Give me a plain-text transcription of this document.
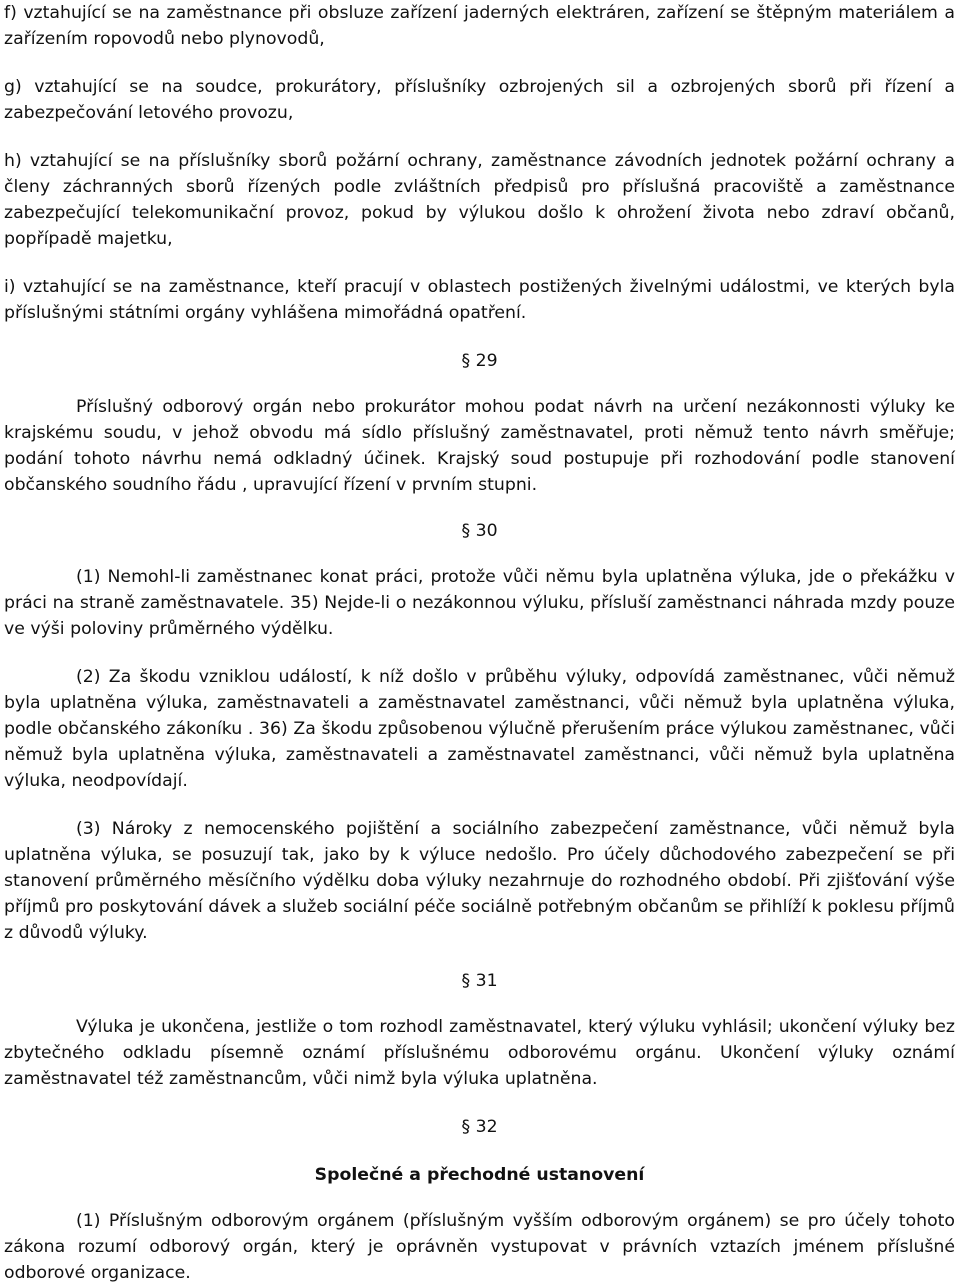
f) vztahující se na zaměstnance při obsluze zařízení jaderných elektráren, zařízení se štěpným materiálem a zařízením ropovodů nebo plynovodů,

g) vztahující se na soudce, prokurátory, příslušníky ozbrojených sil a ozbrojených sborů při řízení a zabezpečování letového provozu,

h) vztahující se na příslušníky sborů požární ochrany, zaměstnance závodních jednotek požární ochrany a členy záchranných sborů řízených podle zvláštních předpisů pro příslušná pracoviště a zaměstnance zabezpečující telekomunikační provoz, pokud by výlukou došlo k ohrožení života nebo zdraví občanů, popřípadě majetku,

i) vztahující se na zaměstnance, kteří pracují v oblastech postižených živelnými událostmi, ve kterých byla příslušnými státními orgány vyhlášena mimořádná opatření.

§ 29

Příslušný odborový orgán nebo prokurátor mohou podat návrh na určení nezákonnosti výluky ke krajskému soudu, v jehož obvodu má sídlo příslušný zaměstnavatel, proti němuž tento návrh směřuje; podání tohoto návrhu nemá odkladný účinek. Krajský soud postupuje při rozhodování podle stanovení občanského soudního řádu , upravující řízení v prvním stupni.

§ 30

(1) Nemohl-li zaměstnanec konat práci, protože vůči němu byla uplatněna výluka, jde o překážku v práci na straně zaměstnavatele. 35) Nejde-li o nezákonnou výluku, přísluší zaměstnanci náhrada mzdy pouze ve výši poloviny průměrného výdělku.

(2) Za škodu vzniklou událostí, k níž došlo v průběhu výluky, odpovídá zaměstnanec, vůči němuž byla uplatněna výluka, zaměstnavateli a zaměstnavatel zaměstnanci, vůči němuž byla uplatněna výluka, podle občanského zákoníku . 36) Za škodu způsobenou výlučně přerušením práce výlukou zaměstnanec, vůči němuž byla uplatněna výluka, zaměstnavateli a zaměstnavatel zaměstnanci, vůči němuž byla uplatněna výluka, neodpovídají.

(3) Nároky z nemocenského pojištění a sociálního zabezpečení zaměstnance, vůči němuž byla uplatněna výluka, se posuzují tak, jako by k výluce nedošlo. Pro účely důchodového zabezpečení se při stanovení průměrného měsíčního výdělku doba výluky nezahrnuje do rozhodného období. Při zjišťování výše příjmů pro poskytování dávek a služeb sociální péče sociálně potřebným občanům se přihlíží k poklesu příjmů z důvodů výluky.

§ 31

Výluka je ukončena, jestliže o tom rozhodl zaměstnavatel, který výluku vyhlásil; ukončení výluky bez zbytečného odkladu písemně oznámí příslušnému odborovému orgánu. Ukončení výluky oznámí zaměstnavatel též zaměstnancům, vůči nimž byla výluka uplatněna.

§ 32

Společné a přechodné ustanovení

(1) Příslušným odborovým orgánem (příslušným vyšším odborovým orgánem) se pro účely tohoto zákona rozumí odborový orgán, který je oprávněn vystupovat v právních vztazích jménem příslušné odborové organizace.
